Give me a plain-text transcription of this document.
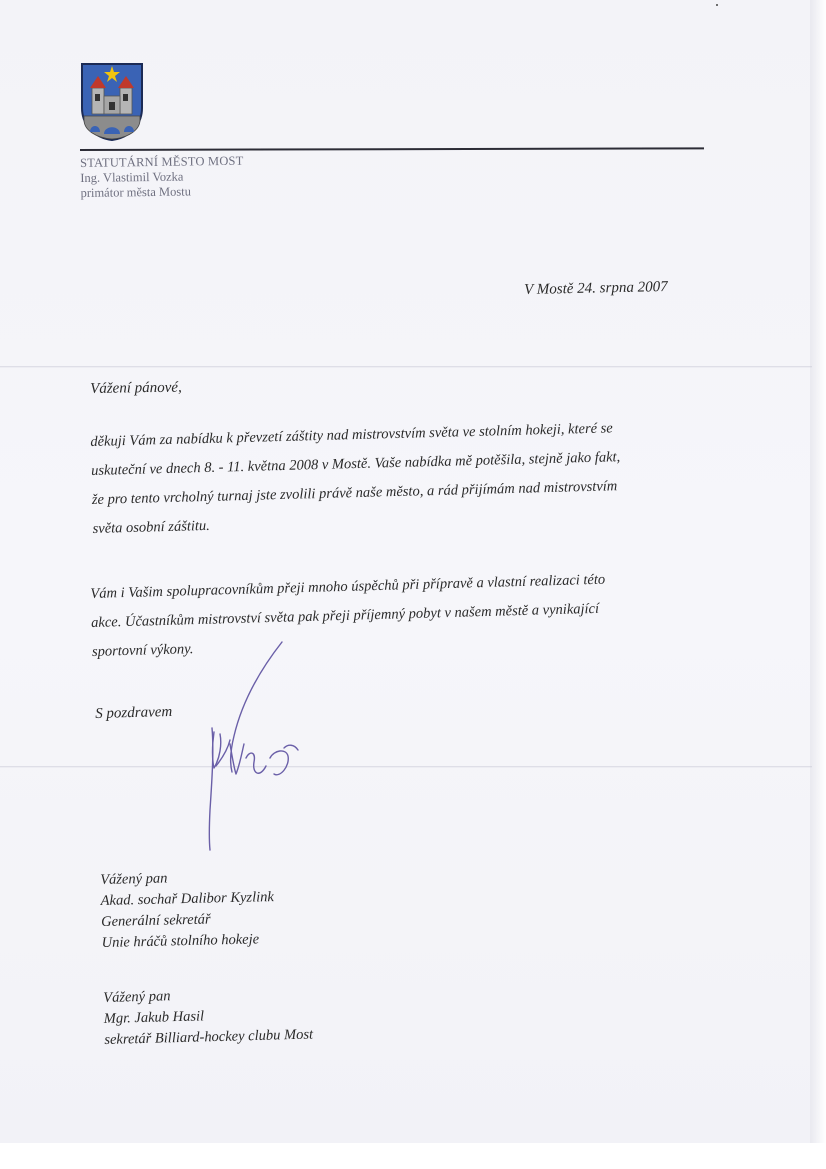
STATUTÁRNÍ MĚSTO MOST
Ing. Vlastimil Vozka
primátor města Mostu
V Mostě 24. srpna 2007
Vážení pánové,
děkuji Vám za nabídku k převzetí záštity nad mistrovstvím světa ve stolním hokeji, které se
uskuteční ve dnech 8. - 11. května 2008 v Mostě. Vaše nabídka mě potěšila, stejně jako fakt,
že pro tento vrcholný turnaj jste zvolili právě naše město, a rád přijímám nad mistrovstvím
světa osobní záštitu.
Vám i Vašim spolupracovníkům přeji mnoho úspěchů při přípravě a vlastní realizaci této
akce. Účastníkům mistrovství světa pak přeji příjemný pobyt v našem městě a vynikající
sportovní výkony.
S pozdravem
Vážený pan
Akad. sochař Dalibor Kyzlink
Generální sekretář
Unie hráčů stolního hokeje
Vážený pan
Mgr. Jakub Hasil
sekretář Billiard-hockey clubu Most
